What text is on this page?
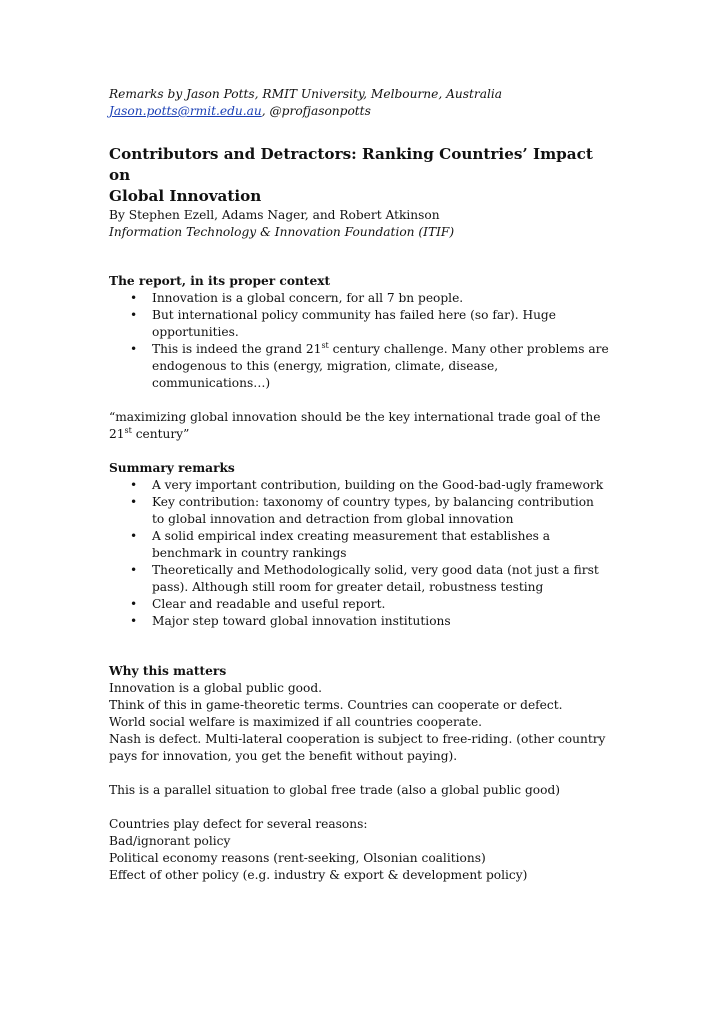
Remarks by Jason Potts, RMIT University, Melbourne, Australia

Jason.potts@rmit.edu.au, @profjasonpotts

Contributors and Detractors: Ranking Countries’ Impact on
Global Innovation

By Stephen Ezell, Adams Nager, and Robert Atkinson

Information Technology & Innovation Foundation (ITIF)

The report, in its proper context

• Innovation is a global concern, for all 7 bn people.
• But international policy community has failed here (so far). Huge
opportunities.
• This is indeed the grand 21st century challenge. Many other problems are
endogenous to this (energy, migration, climate, disease,
communications…)
“maximizing global innovation should be the key international trade goal of the
21st century”

Summary remarks

• A very important contribution, building on the Good-bad-ugly framework
• Key contribution: taxonomy of country types, by balancing contribution
to global innovation and detraction from global innovation
• A solid empirical index creating measurement that establishes a
benchmark in country rankings
• Theoretically and Methodologically solid, very good data (not just a first
pass). Although still room for greater detail, robustness testing
• Clear and readable and useful report.
• Major step toward global innovation institutions

Why this matters

Innovation is a global public good.

Think of this in game-theoretic terms. Countries can cooperate or defect.

World social welfare is maximized if all countries cooperate.

Nash is defect. Multi-lateral cooperation is subject to free-riding. (other country

pays for innovation, you get the benefit without paying).

This is a parallel situation to global free trade (also a global public good)

Countries play defect for several reasons:

Bad/ignorant policy

Political economy reasons (rent-seeking, Olsonian coalitions)

Effect of other policy (e.g. industry & export & development policy)
